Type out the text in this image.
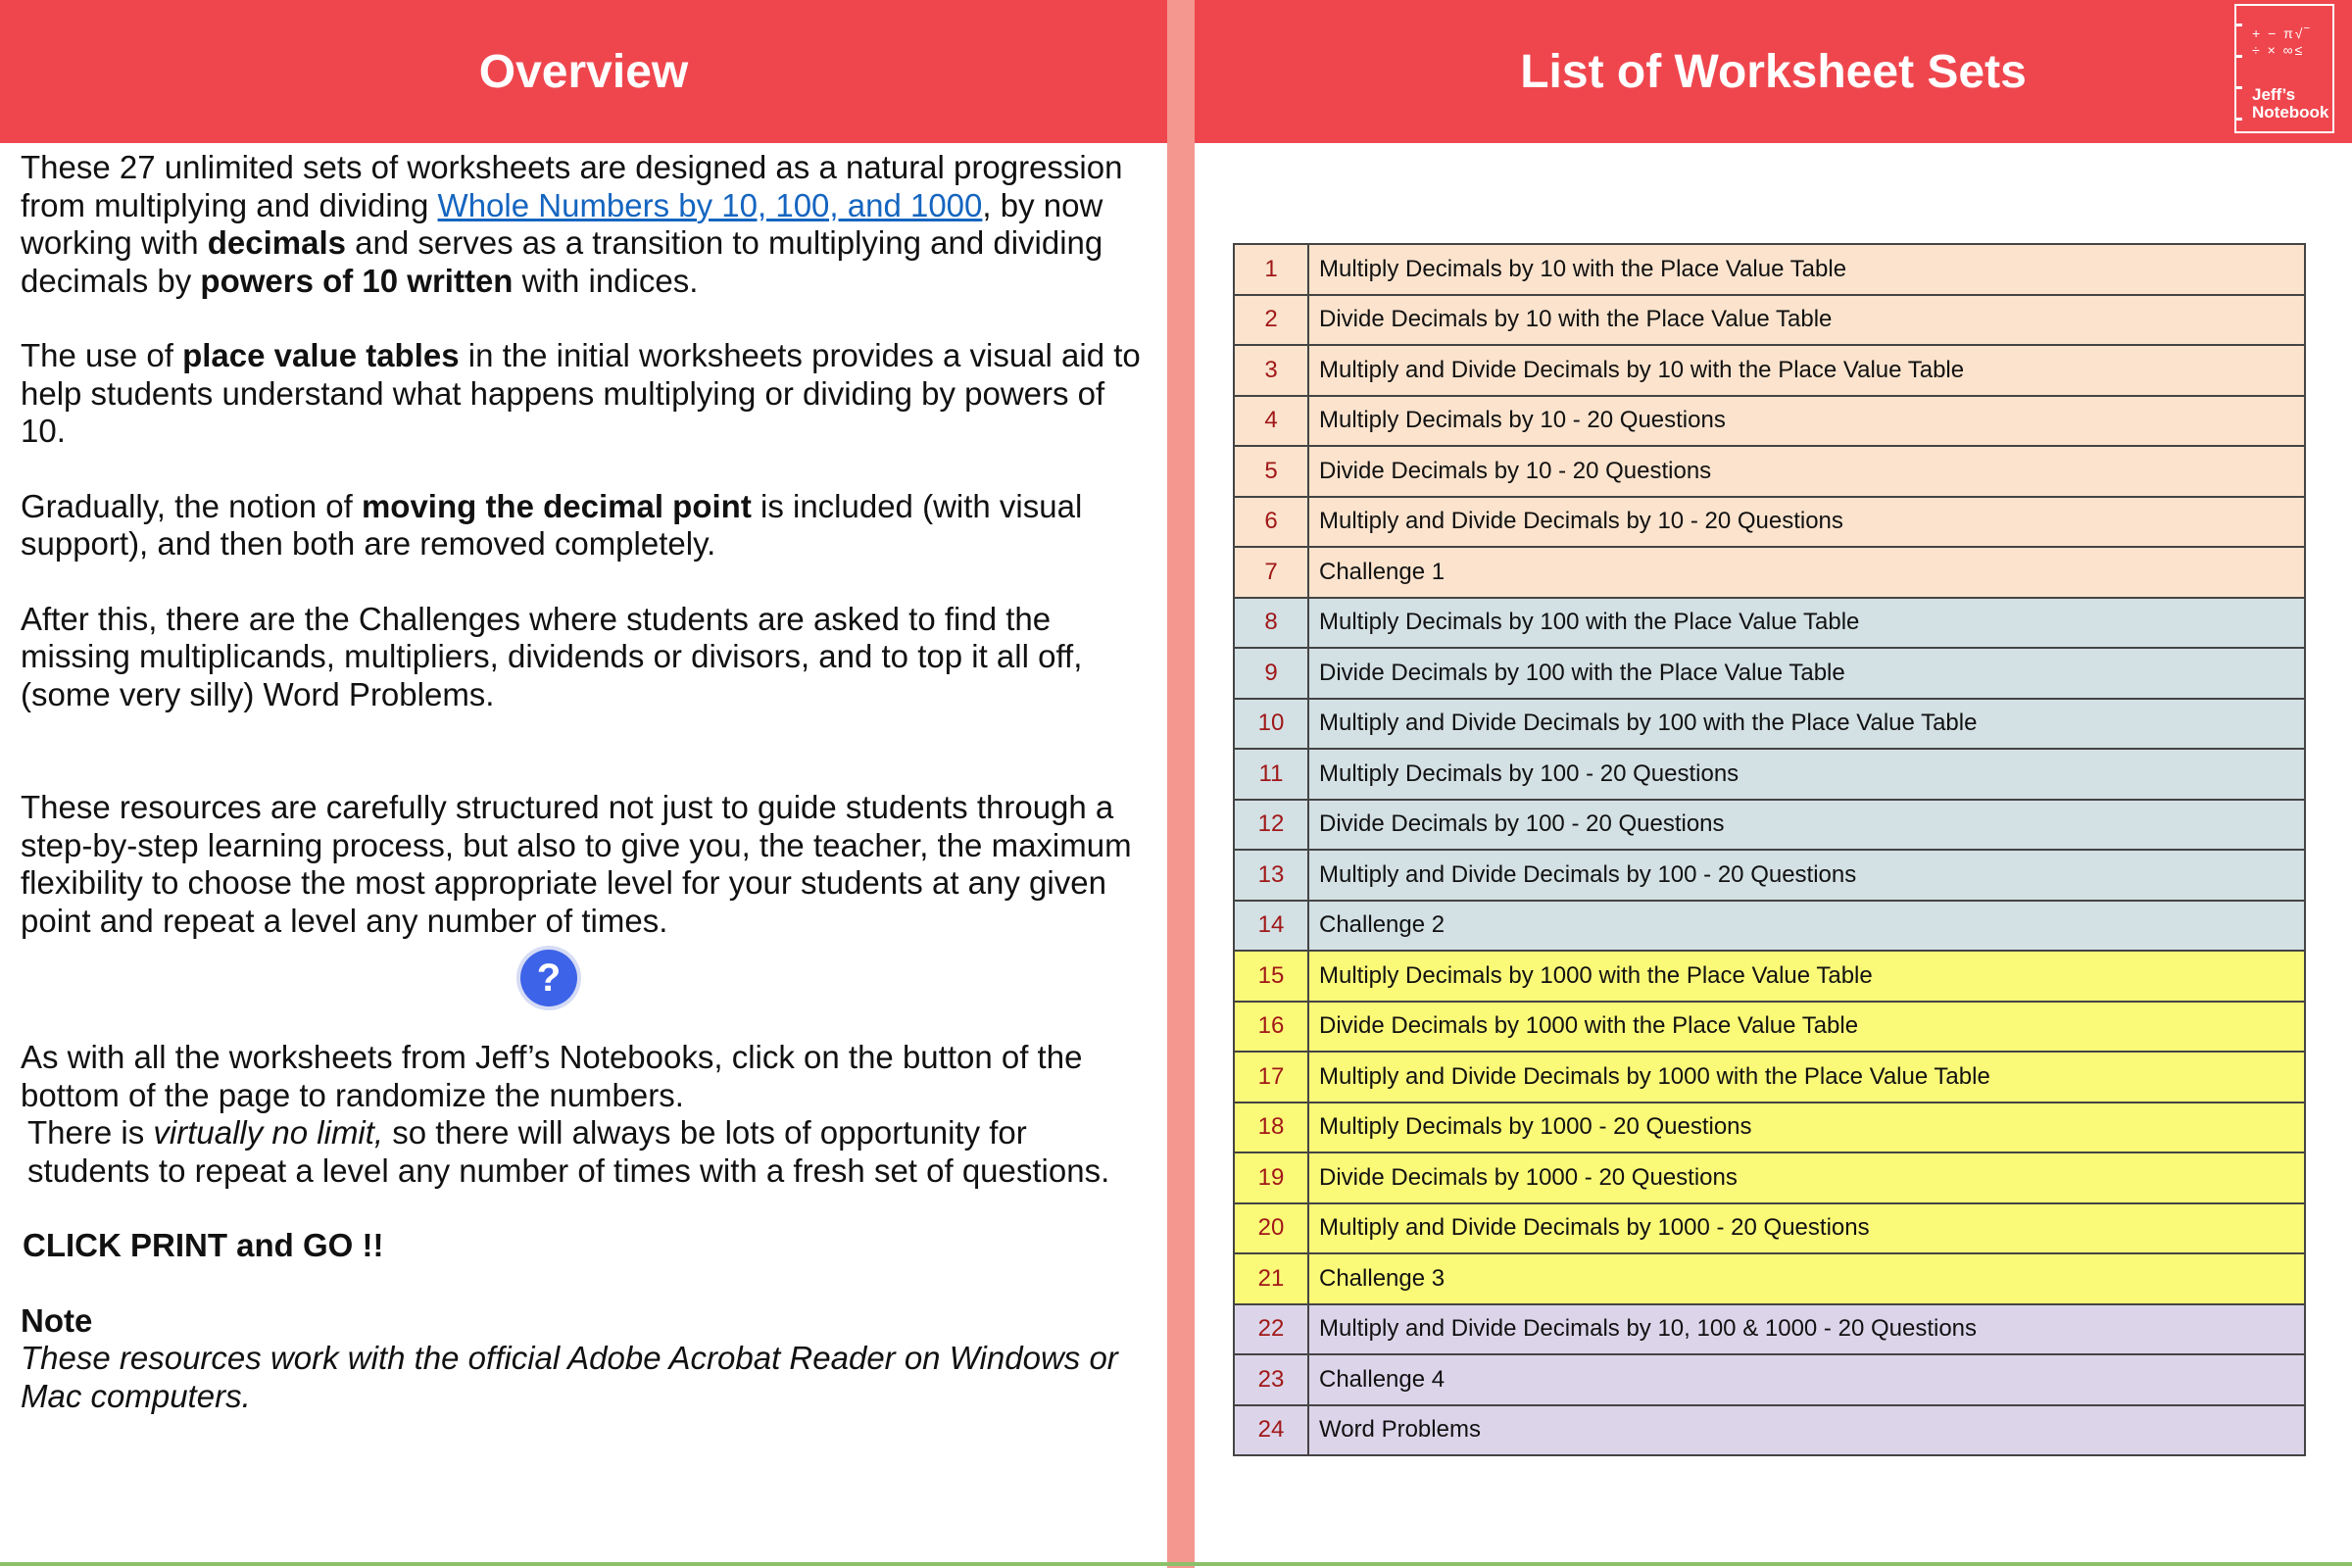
Overview	List of Worksheet Sets
+ − π√‾
÷ × ∞≤
Jeff’s Notebook

These 27 unlimited sets of worksheets are designed as a natural progression from multiplying and dividing Whole Numbers by 10, 100, and 1000, by now working with decimals and serves as a transition to multiplying and dividing decimals by powers of 10 written with indices.

The use of place value tables in the initial worksheets provides a visual aid to help students understand what happens multiplying or dividing by powers of 10.

Gradually, the notion of moving the decimal point is included (with visual support), and then both are removed completely.

After this, there are the Challenges where students are asked to find the missing multiplicands, multipliers, dividends or divisors, and to top it all off, (some very silly) Word Problems.

These resources are carefully structured not just to guide students through a step-by-step learning process, but also to give you, the teacher, the maximum flexibility to choose the most appropriate level for your students at any given point and repeat a level any number of times.

?

As with all the worksheets from Jeff’s Notebooks, click on the button of the bottom of the page to randomize the numbers.

There is virtually no limit, so there will always be lots of opportunity for students to repeat a level any number of times with a fresh set of questions.

CLICK PRINT and GO !!

Note

These resources work with the official Adobe Acrobat Reader on Windows or Mac computers.

1	Multiply Decimals by 10 with the Place Value Table
2	Divide Decimals by 10 with the Place Value Table
3	Multiply and Divide Decimals by 10 with the Place Value Table
4	Multiply Decimals by 10 - 20 Questions
5	Divide Decimals by 10 - 20 Questions
6	Multiply and Divide Decimals by 10 - 20 Questions
7	Challenge 1
8	Multiply Decimals by 100 with the Place Value Table
9	Divide Decimals by 100 with the Place Value Table
10	Multiply and Divide Decimals by 100 with the Place Value Table
11	Multiply Decimals by 100 - 20 Questions
12	Divide Decimals by 100 - 20 Questions
13	Multiply and Divide Decimals by 100 - 20 Questions
14	Challenge 2
15	Multiply Decimals by 1000 with the Place Value Table
16	Divide Decimals by 1000 with the Place Value Table
17	Multiply and Divide Decimals by 1000 with the Place Value Table
18	Multiply Decimals by 1000 - 20 Questions
19	Divide Decimals by 1000 - 20 Questions
20	Multiply and Divide Decimals by 1000 - 20 Questions
21	Challenge 3
22	Multiply and Divide Decimals by 10, 100 & 1000 - 20 Questions
23	Challenge 4
24	Word Problems
